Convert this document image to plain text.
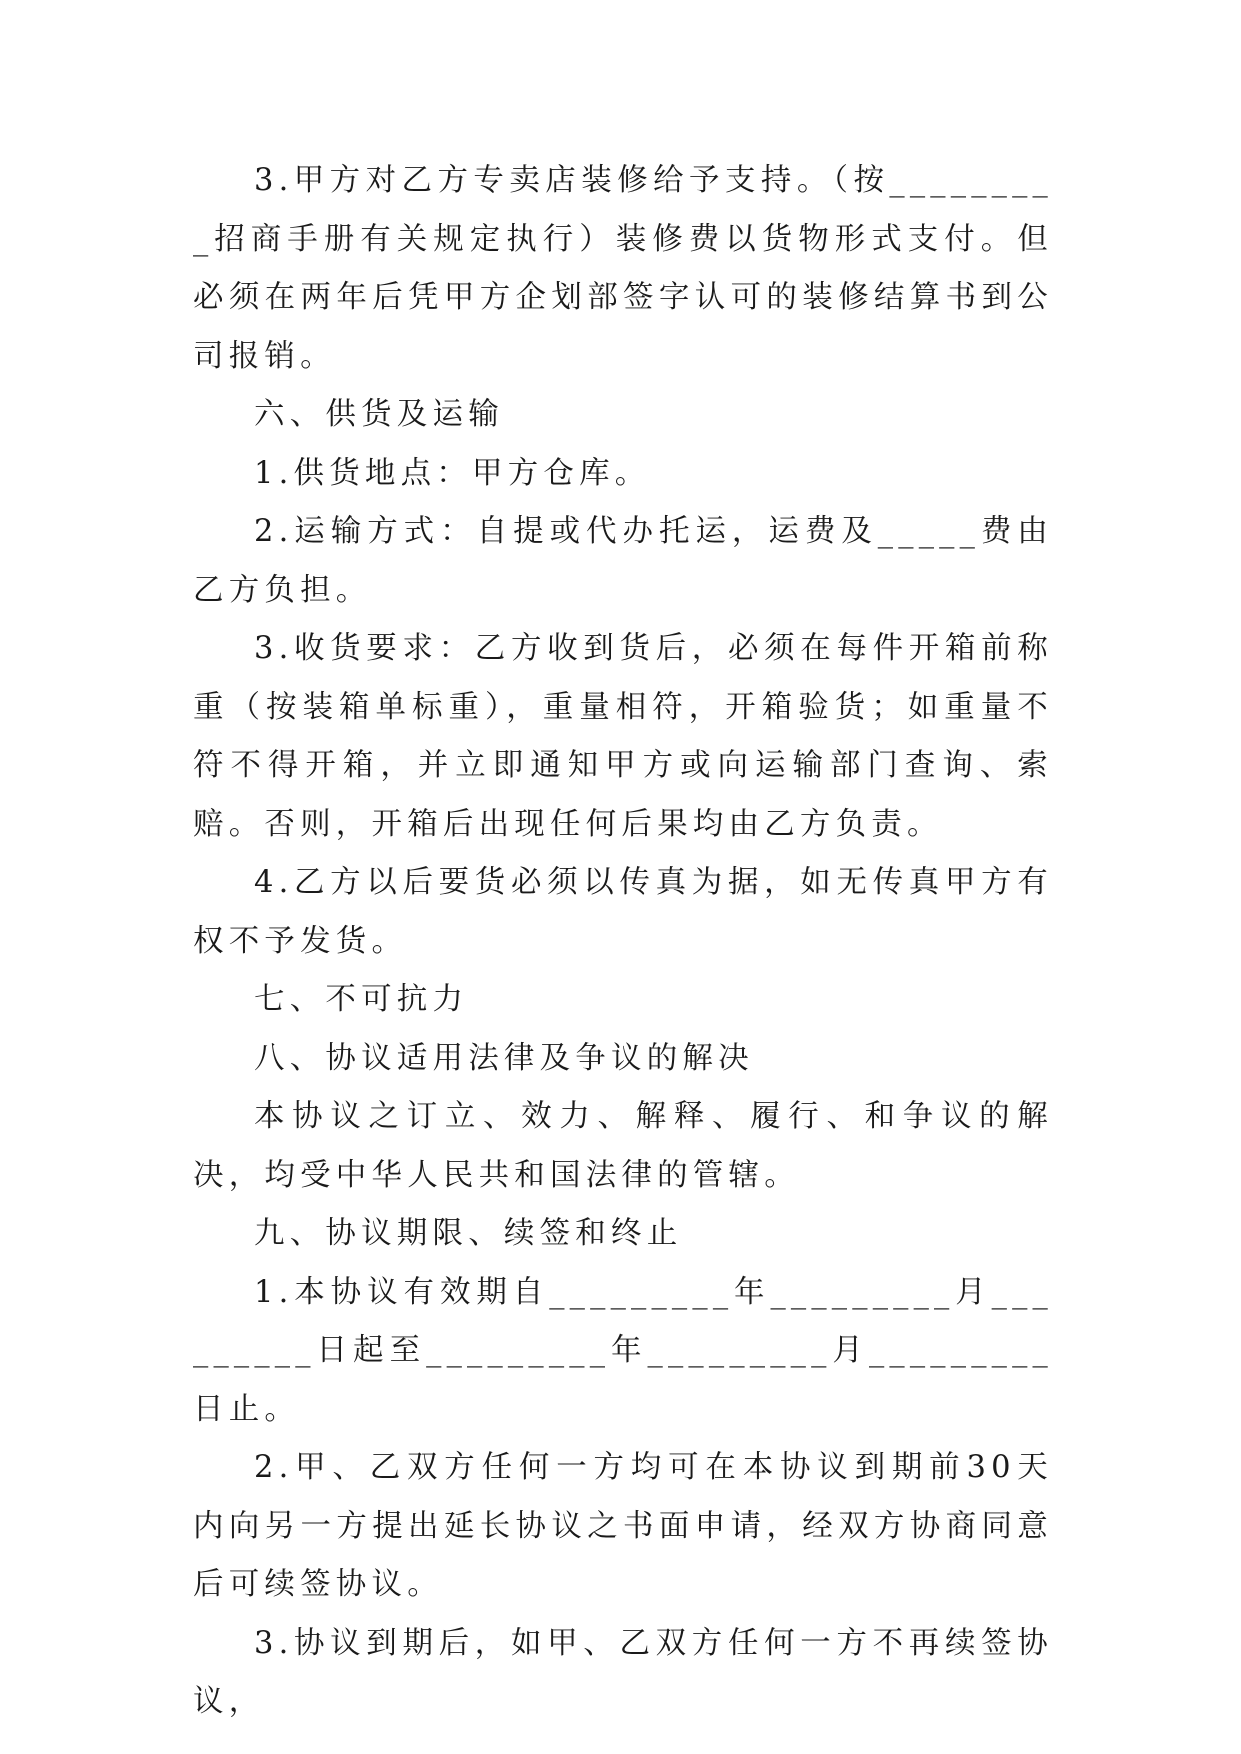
3.甲方对乙方专卖店装修给予支持。（按_________招商手册有关规定执行）装修费以货物形式支付。但必须在两年后凭甲方企划部签字认可的装修结算书到公司报销。

六、供货及运输

1.供货地点：甲方仓库。

2.运输方式：自提或代办托运，运费及_____费由乙方负担。

3.收货要求：乙方收到货后，必须在每件开箱前称重（按装箱单标重），重量相符，开箱验货；如重量不符不得开箱，并立即通知甲方或向运输部门查询、索赔。否则，开箱后出现任何后果均由乙方负责。

4.乙方以后要货必须以传真为据，如无传真甲方有权不予发货。

七、不可抗力

八、协议适用法律及争议的解决

本协议之订立、效力、解释、履行、和争议的解决，均受中华人民共和国法律的管辖。

九、协议期限、续签和终止

1.本协议有效期自_________年_________月_________日起至_________年_________月_________日止。

2.甲、乙双方任何一方均可在本协议到期前30天内向另一方提出延长协议之书面申请，经双方协商同意后可续签协议。

3.协议到期后，如甲、乙双方任何一方不再续签协议，
